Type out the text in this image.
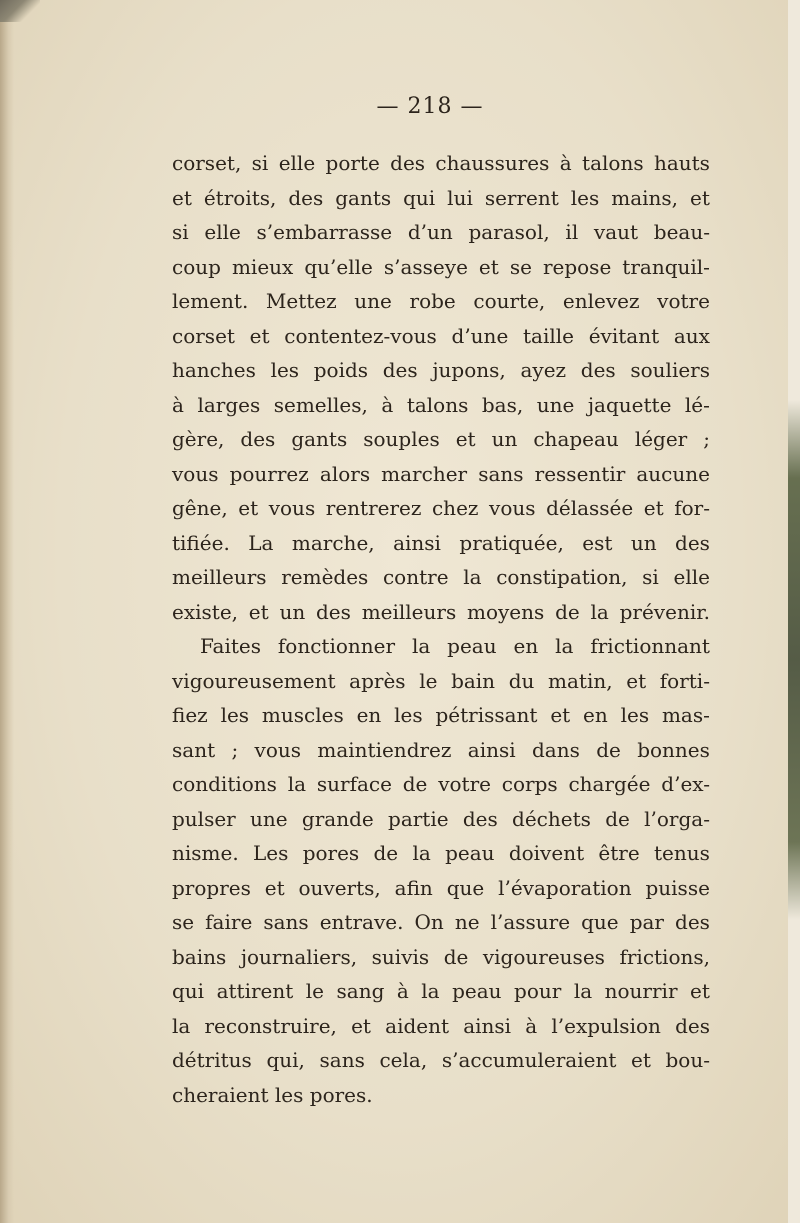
— 218 —
corset, si elle porte des chaussures à talons hauts
et étroits, des gants qui lui serrent les mains, et
si elle s’embarrasse d’un parasol, il vaut beau-
coup mieux qu’elle s’asseye et se repose tranquil-
lement. Mettez une robe courte, enlevez votre
corset et contentez-vous d’une taille évitant aux
hanches les poids des jupons, ayez des souliers
à larges semelles, à talons bas, une jaquette lé-
gère, des gants souples et un chapeau léger ;
vous pourrez alors marcher sans ressentir aucune
gêne, et vous rentrerez chez vous délassée et for-
tifiée. La marche, ainsi pratiquée, est un des
meilleurs remèdes contre la constipation, si elle
existe, et un des meilleurs moyens de la prévenir.
Faites fonctionner la peau en la frictionnant
vigoureusement après le bain du matin, et forti-
fiez les muscles en les pétrissant et en les mas-
sant ; vous maintiendrez ainsi dans de bonnes
conditions la surface de votre corps chargée d’ex-
pulser une grande partie des déchets de l’orga-
nisme. Les pores de la peau doivent être tenus
propres et ouverts, afin que l’évaporation puisse
se faire sans entrave. On ne l’assure que par des
bains journaliers, suivis de vigoureuses frictions,
qui attirent le sang à la peau pour la nourrir et
la reconstruire, et aident ainsi à l’expulsion des
détritus qui, sans cela, s’accumuleraient et bou-
cheraient les pores.
